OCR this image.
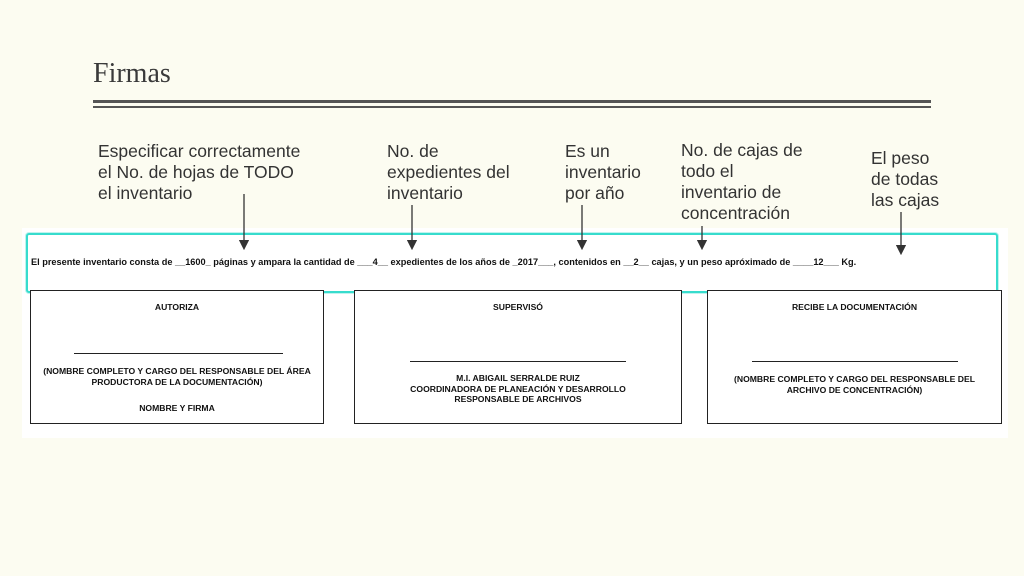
Firmas
Especificar correctamente
el No. de hojas de TODO
el inventario
No. de
expedientes del
inventario
Es un
inventario
por año
No. de cajas de
todo el
inventario de
concentración
El peso
de todas
las cajas
El presente inventario consta de __1600_ páginas y ampara la cantidad de ___4__ expedientes de los años de _2017___, contenidos en __2__ cajas, y un peso apróximado de ____12___ Kg.
AUTORIZA
(NOMBRE COMPLETO Y CARGO DEL RESPONSABLE DEL ÁREA
PRODUCTORA DE LA DOCUMENTACIÓN)
NOMBRE Y FIRMA
SUPERVISÓ
M.I. ABIGAIL SERRALDE RUIZ
COORDINADORA DE PLANEACIÓN Y DESARROLLO
RESPONSABLE DE ARCHIVOS
RECIBE LA DOCUMENTACIÓN
(NOMBRE COMPLETO Y CARGO DEL RESPONSABLE DEL
ARCHIVO DE CONCENTRACIÓN)
